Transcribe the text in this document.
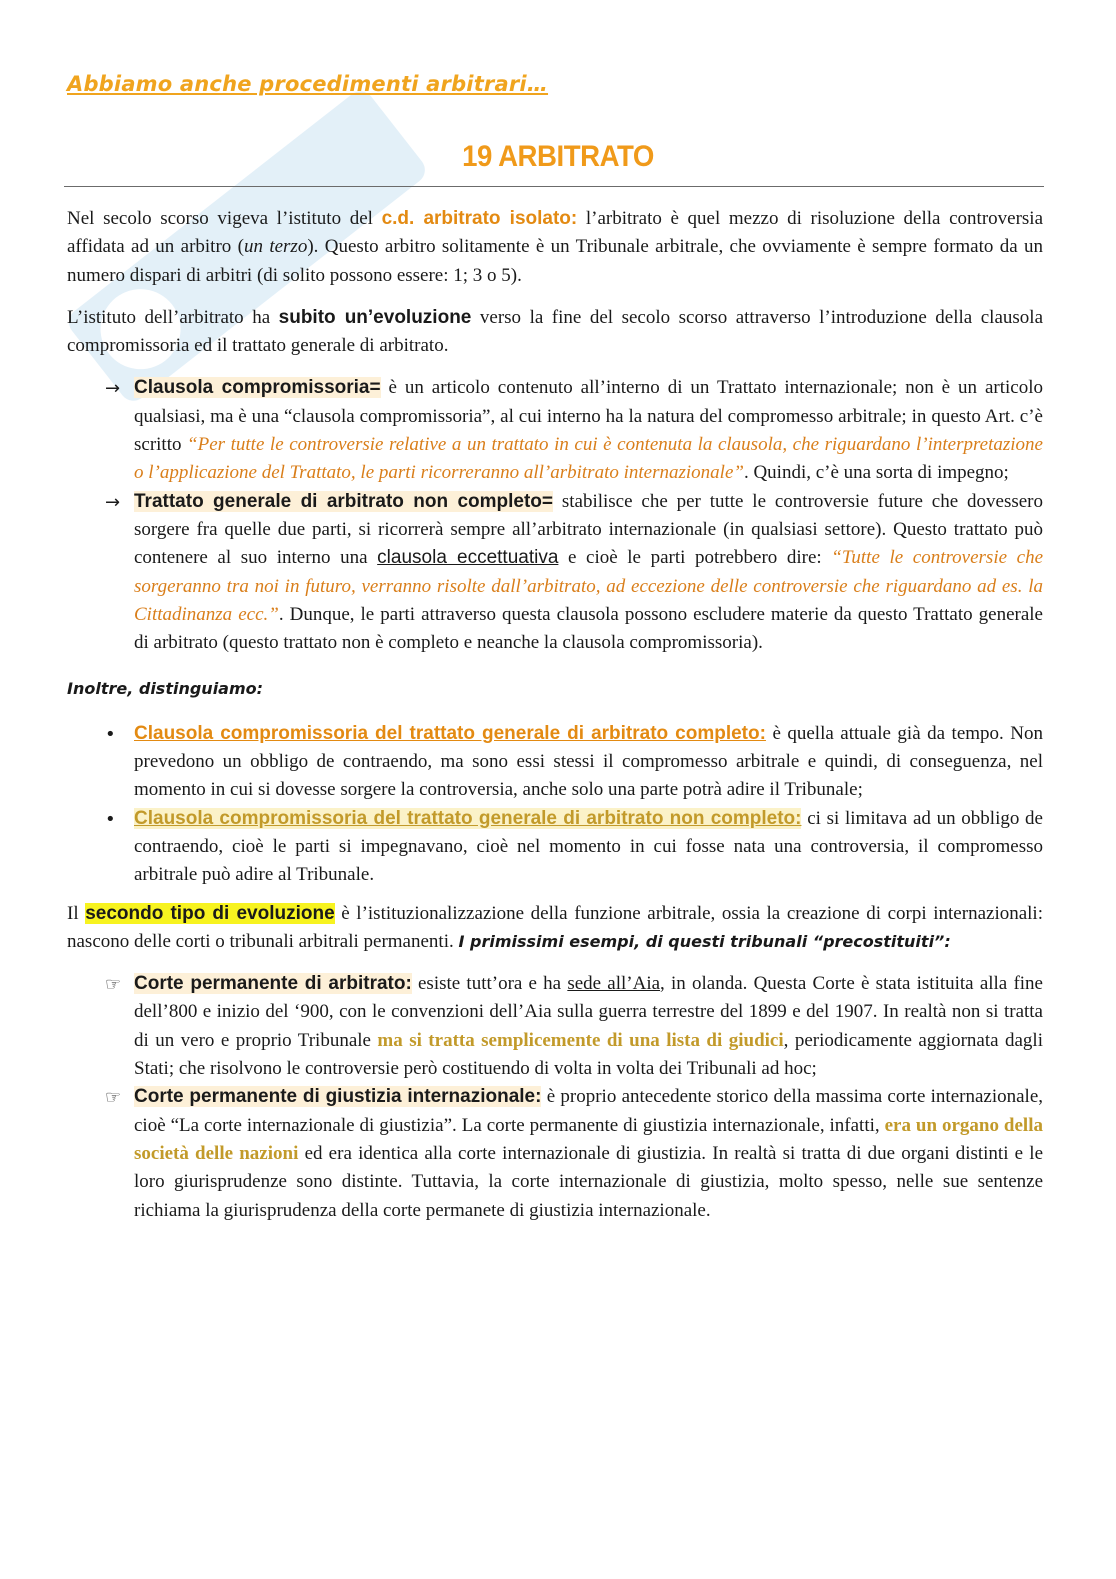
Abbiamo anche procedimenti arbitrari…
19 ARBITRATO

Nel secolo scorso vigeva l’istituto del c.d. arbitrato isolato: l’arbitrato è quel mezzo di risoluzione della controversia affidata ad un arbitro (un terzo). Questo arbitro solitamente è un Tribunale arbitrale, che ovviamente è sempre formato da un numero dispari di arbitri (di solito possono essere: 1; 3 o 5).

L’istituto dell’arbitrato ha subito un’evoluzione verso la fine del secolo scorso attraverso l’introduzione della clausola compromissoria ed il trattato generale di arbitrato.

→ Clausola compromissoria= è un articolo contenuto all’interno di un Trattato internazionale; non è un articolo qualsiasi, ma è una “clausola compromissoria”, al cui interno ha la natura del compromesso arbitrale; in questo Art. c’è scritto “Per tutte le controversie relative a un trattato in cui è contenuta la clausola, che riguardano l’interpretazione o l’applicazione del Trattato, le parti ricorreranno all’arbitrato internazionale”. Quindi, c’è una sorta di impegno;
→ Trattato generale di arbitrato non completo= stabilisce che per tutte le controversie future che dovessero sorgere fra quelle due parti, si ricorrerà sempre all’arbitrato internazionale (in qualsiasi settore). Questo trattato può contenere al suo interno una clausola eccettuativa e cioè le parti potrebbero dire: “Tutte le controversie che sorgeranno tra noi in futuro, verranno risolte dall’arbitrato, ad eccezione delle controversie che riguardano ad es. la Cittadinanza ecc.”. Dunque, le parti attraverso questa clausola possono escludere materie da questo Trattato generale di arbitrato (questo trattato non è completo e neanche la clausola compromissoria).
Inoltre, distinguiamo:
• Clausola compromissoria del trattato generale di arbitrato completo: è quella attuale già da tempo. Non prevedono un obbligo de contraendo, ma sono essi stessi il compromesso arbitrale e quindi, di conseguenza, nel momento in cui si dovesse sorgere la controversia, anche solo una parte potrà adire il Tribunale;
• Clausola compromissoria del trattato generale di arbitrato non completo: ci si limitava ad un obbligo de contraendo, cioè le parti si impegnavano, cioè nel momento in cui fosse nata una controversia, il compromesso arbitrale può adire al Tribunale.

Il secondo tipo di evoluzione è l’istituzionalizzazione della funzione arbitrale, ossia la creazione di corpi internazionali: nascono delle corti o tribunali arbitrali permanenti. I primissimi esempi, di questi tribunali “precostituiti”:

☞ Corte permanente di arbitrato: esiste tutt’ora e ha sede all’Aia, in olanda. Questa Corte è stata istituita alla fine dell’800 e inizio del ‘900, con le convenzioni dell’Aia sulla guerra terrestre del 1899 e del 1907. In realtà non si tratta di un vero e proprio Tribunale ma si tratta semplicemente di una lista di giudici, periodicamente aggiornata dagli Stati; che risolvono le controversie però costituendo di volta in volta dei Tribunali ad hoc;
☞ Corte permanente di giustizia internazionale: è proprio antecedente storico della massima corte internazionale, cioè “La corte internazionale di giustizia”. La corte permanente di giustizia internazionale, infatti, era un organo della società delle nazioni ed era identica alla corte internazionale di giustizia. In realtà si tratta di due organi distinti e le loro giurisprudenze sono distinte. Tuttavia, la corte internazionale di giustizia, molto spesso, nelle sue sentenze richiama la giurisprudenza della corte permanete di giustizia internazionale.
